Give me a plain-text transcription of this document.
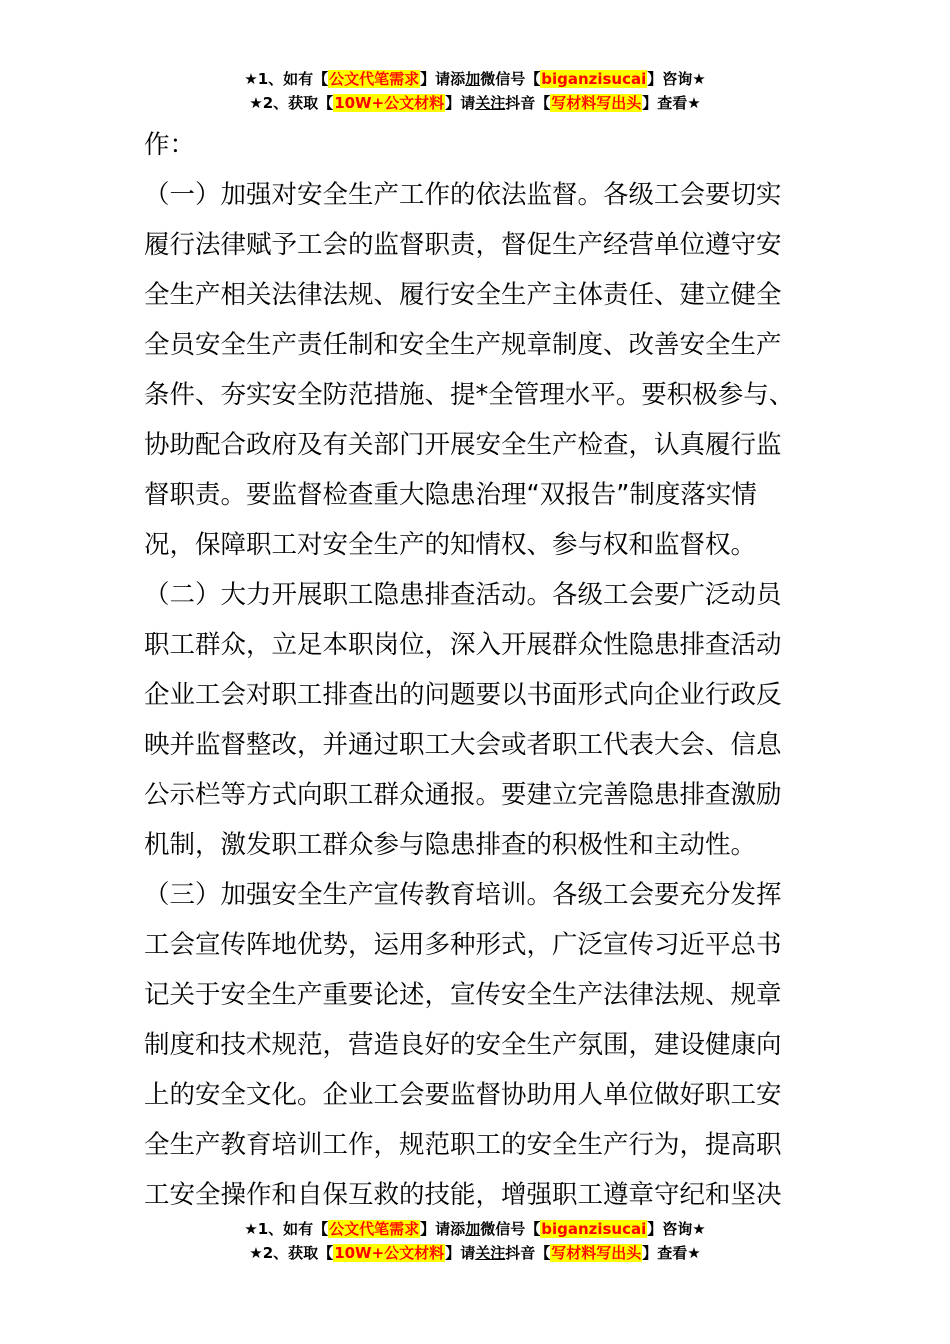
★1、如有【公文代笔需求】请添加微信号【biganzisucai】咨询★
★2、获取【10W+公文材料】请关注抖音【写材料写出头】查看★

作：

（一）加强对安全生产工作的依法监督。各级工会要切实

履行法律赋予工会的监督职责，督促生产经营单位遵守安

全生产相关法律法规、履行安全生产主体责任、建立健全

全员安全生产责任制和安全生产规章制度、改善安全生产

条件、夯实安全防范措施、提*全管理水平。要积极参与、

协助配合政府及有关部门开展安全生产检查，认真履行监

督职责。要监督检查重大隐患治理“双报告”制度落实情

况，保障职工对安全生产的知情权、参与权和监督权。

（二）大力开展职工隐患排查活动。各级工会要广泛动员

职工群众，立足本职岗位，深入开展群众性隐患排查活动

企业工会对职工排查出的问题要以书面形式向企业行政反

映并监督整改，并通过职工大会或者职工代表大会、信息

公示栏等方式向职工群众通报。要建立完善隐患排查激励

机制，激发职工群众参与隐患排查的积极性和主动性。

（三）加强安全生产宣传教育培训。各级工会要充分发挥

工会宣传阵地优势，运用多种形式，广泛宣传习近平总书

记关于安全生产重要论述，宣传安全生产法律法规、规章

制度和技术规范，营造良好的安全生产氛围，建设健康向

上的安全文化。企业工会要监督协助用人单位做好职工安

全生产教育培训工作，规范职工的安全生产行为，提高职

工安全操作和自保互救的技能，增强职工遵章守纪和坚决

★1、如有【公文代笔需求】请添加微信号【biganzisucai】咨询★
★2、获取【10W+公文材料】请关注抖音【写材料写出头】查看★
